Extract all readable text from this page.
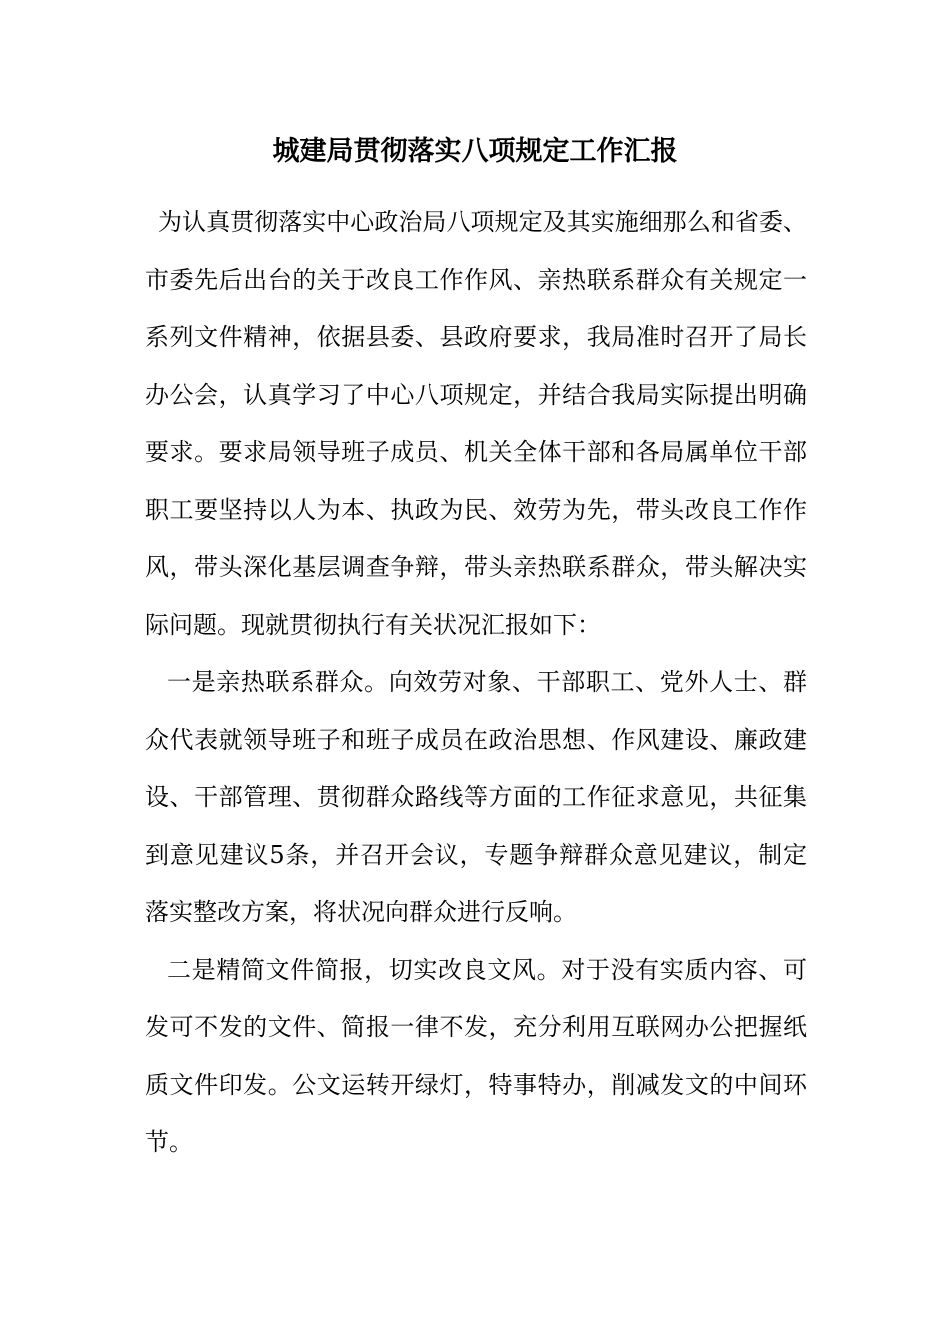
城建局贯彻落实八项规定工作汇报

为认真贯彻落实中心政治局八项规定及其实施细那么和省委、市委先后出台的关于改良工作作风、亲热联系群众有关规定一系列文件精神，依据县委、县政府要求，我局准时召开了局长办公会，认真学习了中心八项规定，并结合我局实际提出明确要求。要求局领导班子成员、机关全体干部和各局属单位干部职工要坚持以人为本、执政为民、效劳为先，带头改良工作作风，带头深化基层调查争辩，带头亲热联系群众，带头解决实际问题。现就贯彻执行有关状况汇报如下：

一是亲热联系群众。向效劳对象、干部职工、党外人士、群众代表就领导班子和班子成员在政治思想、作风建设、廉政建设、干部管理、贯彻群众路线等方面的工作征求意见，共征集到意见建议5条，并召开会议，专题争辩群众意见建议，制定落实整改方案，将状况向群众进行反响。

二是精简文件简报，切实改良文风。对于没有实质内容、可发可不发的文件、简报一律不发，充分利用互联网办公把握纸质文件印发。公文运转开绿灯，特事特办，削减发文的中间环节。
